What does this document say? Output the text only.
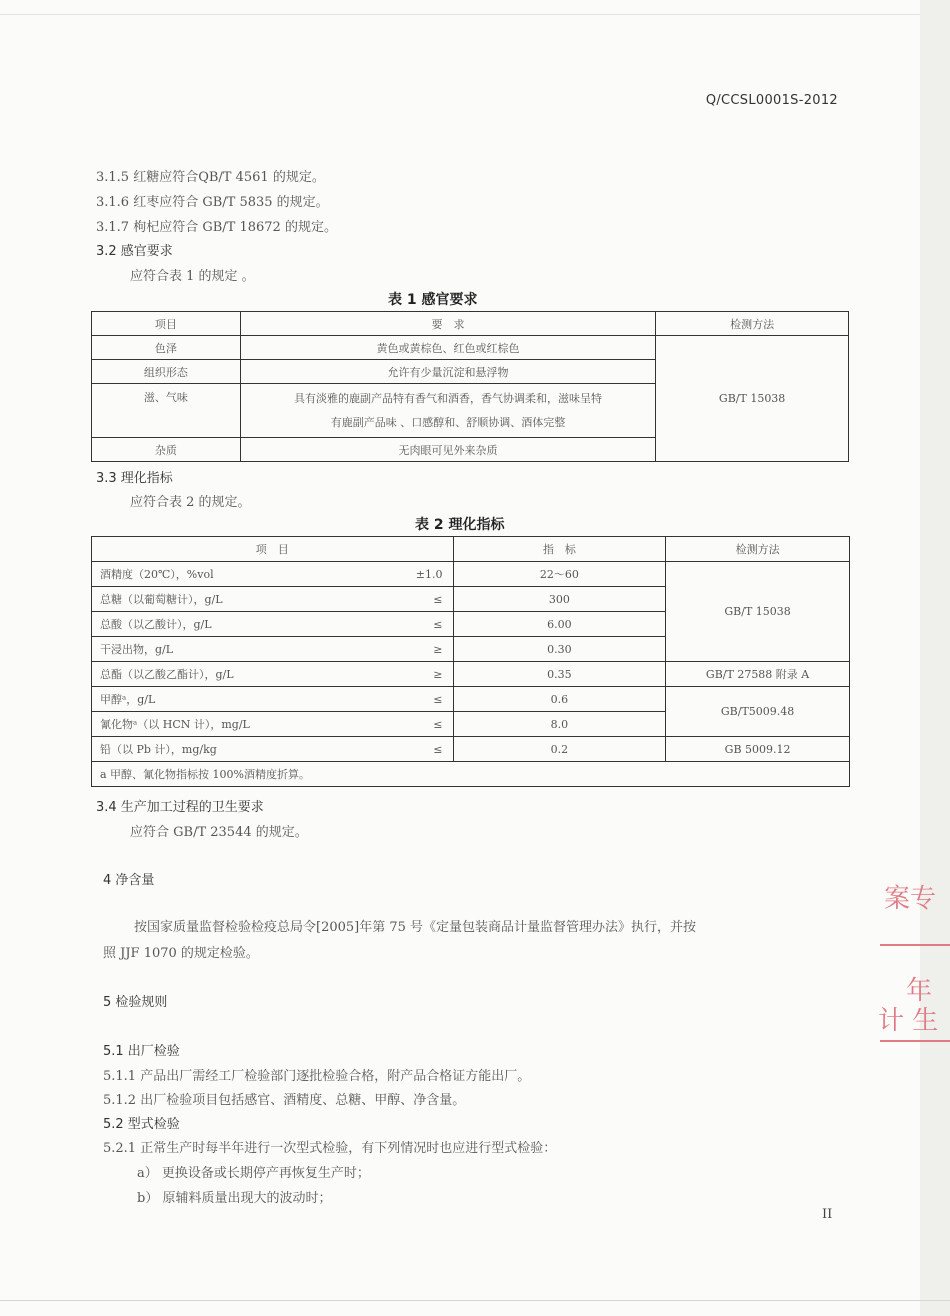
Q/CCSL0001S-2012
3.1.5 红糖应符合QB/T 4561 的规定。
3.1.6 红枣应符合 GB/T 5835 的规定。
3.1.7 枸杞应符合 GB/T 18672 的规定。
3.2 感官要求
应符合表 1 的规定 。
表 1 感官要求
项目	要　求	检测方法
色泽	黄色或黄棕色、红色或红棕色	GB/T 15038
组织形态	允许有少量沉淀和悬浮物	
滋、气味	具有淡雅的鹿副产品特有香气和酒香，香气协调柔和，滋味呈特
有鹿副产品味 、口感醇和、舒顺协调、酒体完整	

杂质	无肉眼可见外来杂质	
3.3 理化指标
应符合表 2 的规定。
表 2 理化指标
项　目		指　标	检测方法
酒精度（20℃），%vol	±1.0	22～60	GB/T 15038
总糖（以葡萄糖计），g/L	≤	300	
总酸（以乙酸计），g/L	≤	6.00	
干浸出物，g/L	≥	0.30	
总酯（以乙酸乙酯计），g/L	≥	0.35	GB/T 27588 附录 A
甲醇ᵃ，g/L	≤	0.6	GB/T5009.48
氰化物ᵃ（以 HCN 计），mg/L	≤	8.0	
铅（以 Pb 计），mg/kg	≤	0.2	GB 5009.12
a 甲醇、氰化物指标按 100%酒精度折算。			
3.4 生产加工过程的卫生要求
应符合 GB/T 23544 的规定。
4 净含量
按国家质量监督检验检疫总局令[2005]年第 75 号《定量包装商品计量监督管理办法》执行，并按
照 JJF 1070 的规定检验。
5 检验规则
5.1 出厂检验
5.1.1 产品出厂需经工厂检验部门逐批检验合格，附产品合格证方能出厂。
5.1.2 出厂检验项目包括感官、酒精度、总糖、甲醇、净含量。
5.2 型式检验
5.2.1 正常生产时每半年进行一次型式检验，有下列情况时也应进行型式检验：
a） 更换设备或长期停产再恢复生产时；
b） 原辅料质量出现大的波动时；
案专
年
计 生
II
